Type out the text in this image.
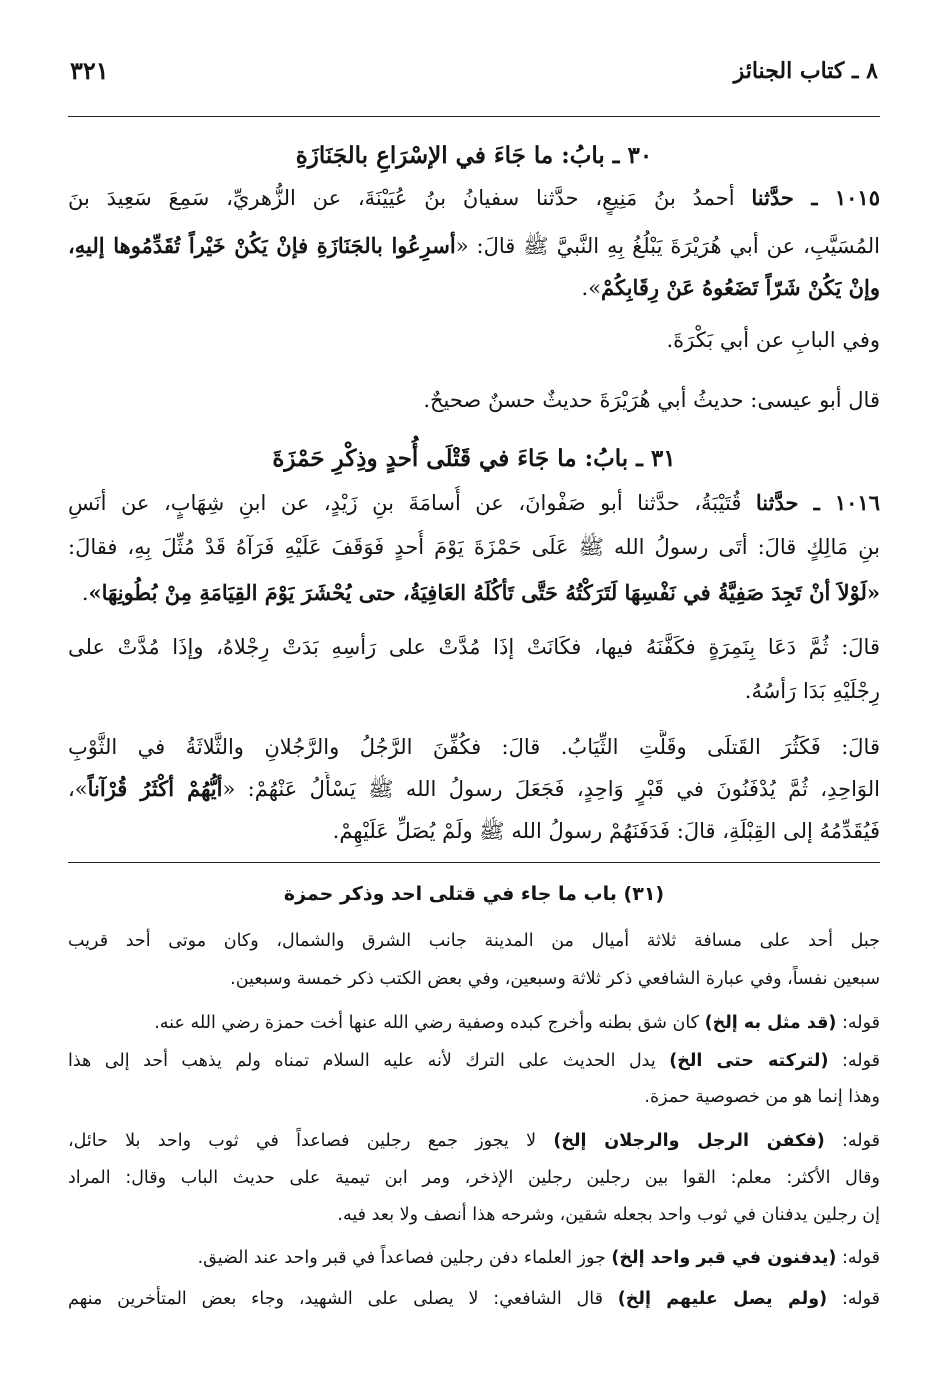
٨ ـ كتاب الجنائز
٣٢١
٣٠ ـ بابُ: ما جَاءَ في الإسْرَاعِ بالجَنَازَةِ
١٠١٥ ـ حدَّثنا أحمدُ بنُ مَنِيعٍ، حدَّثنا سفيانُ بنُ عُيَيْنَةَ، عن الزُّهريِّ، سَمِعَ سَعِيدَ بنَ
المُسَيَّبِ، عن أبي هُرَيْرَةَ يَبْلُغُ بِهِ النَّبيَّ ﷺ قالَ: «أسرِعُوا بالجَنَازَةِ فإنْ يَكُنْ خَيْراً تُقَدِّمُوها إليهِ،
وإنْ يَكُنْ شَرّاً تَضَعُوهُ عَنْ رِقَابِكُمْ».
وفي البابِ عن أبي بَكْرَةَ.
قال أبو عيسى: حديثُ أبي هُرَيْرَةَ حديثٌ حسنٌ صحيحٌ.
٣١ ـ بابُ: ما جَاءَ في قَتْلَى أُحدٍ وذِكْرِ حَمْزَةَ
١٠١٦ ـ حدَّثنا قُتَيْبَةُ، حدَّثنا أبو صَفْوانَ، عن أُسامَةَ بنِ زَيْدٍ، عن ابنِ شِهَابٍ، عن أنَسِ
بنِ مَالِكٍ قالَ: أتَى رسولُ الله ﷺ عَلَى حَمْزَةَ يَوْمَ أُحدٍ فَوَقَفَ عَلَيْهِ فَرَآهُ قَدْ مُثِّلَ بِهِ، فقالَ:
«لَوْلاَ أنْ تَجِدَ صَفِيَّةُ في نَفْسِهَا لَتَرَكْتُهُ حَتَّى تَأكُلَهُ العَافِيَةُ، حتى يُحْشَرَ يَوْمَ القِيَامَةِ مِنْ بُطُونِهَا».
قالَ: ثُمَّ دَعَا بِنَمِرَةٍ فكَفَّنَهُ فيها، فكَانَتْ إذَا مُدَّتْ على رَأسِهِ بَدَتْ رِجْلاهُ، وإذَا مُدَّتْ على
رِجْلَيْهِ بَدَا رَأسُهُ.
قالَ: فَكَثُرَ القَتلَى وقَلَّتِ الثِّيَابُ. قالَ: فكُفِّنَ الرَّجُلُ والرَّجُلانِ والثَّلاثَةُ في الثَّوْبِ
الوَاحِدِ، ثُمَّ يُدْفَنُونَ في قَبْرٍ وَاحِدٍ، فَجَعَلَ رسولُ الله ﷺ يَسْأَلُ عَنْهُمْ: «أيُّهُمْ أكْثَرُ قُرْآناً»،
فَيُقَدِّمُهُ إلى القِبْلَةِ، قالَ: فَدَفَنَهُمْ رسولُ الله ﷺ ولَمْ يُصَلِّ عَلَيْهِمْ.
(٣١) باب ما جاء في قتلى احد وذكر حمزة
جبل أحد على مسافة ثلاثة أميال من المدينة جانب الشرق والشمال، وكان موتى أحد قريب
سبعين نفساً، وفي عبارة الشافعي ذكر ثلاثة وسبعين، وفي بعض الكتب ذكر خمسة وسبعين.
قوله: (قد مثل به إلخ) كان شق بطنه وأخرج كبده وصفية رضي الله عنها أخت حمزة رضي الله عنه.
قوله: (لتركته حتى الخ) يدل الحديث على الترك لأنه عليه السلام تمناه ولم يذهب أحد إلى هذا
وهذا إنما هو من خصوصية حمزة.
قوله: (فكفن الرجل والرجلان إلخ) لا يجوز جمع رجلين فصاعداً في ثوب واحد بلا حائل،
وقال الأكثر: معلم: القوا بين رجلين رجلين الإذخر، ومر ابن تيمية على حديث الباب وقال: المراد
إن رجلين يدفنان في ثوب واحد بجعله شقين، وشرحه هذا أنصف ولا بعد فيه.
قوله: (يدفنون في قبر واحد إلخ) جوز العلماء دفن رجلين فصاعداً في قبر واحد عند الضيق.
قوله: (ولم يصل عليهم إلخ) قال الشافعي: لا يصلى على الشهيد، وجاء بعض المتأخرين منهم
